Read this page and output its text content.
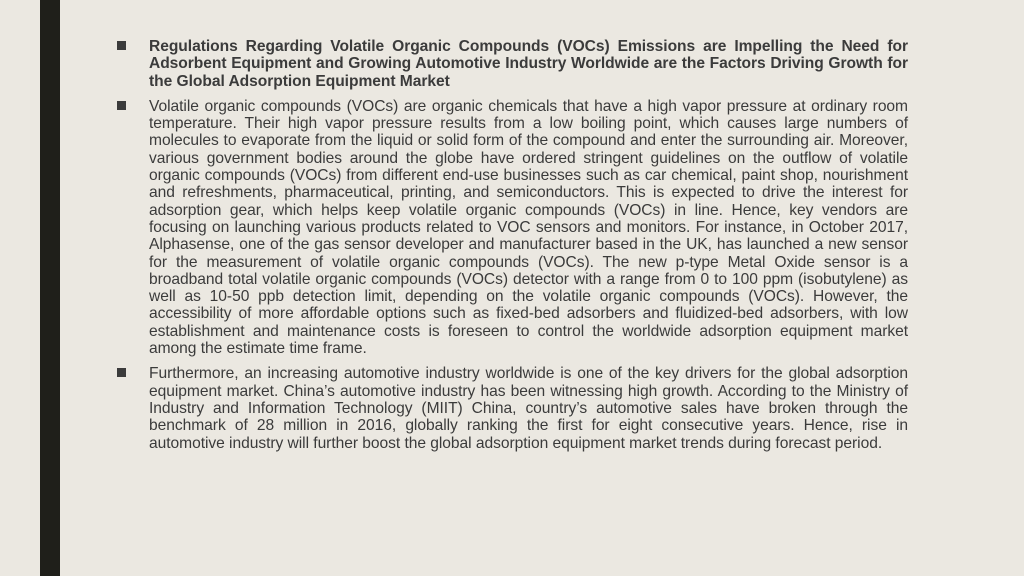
Regulations Regarding Volatile Organic Compounds (VOCs) Emissions are Impelling the Need for Adsorbent Equipment and Growing Automotive Industry Worldwide are the Factors Driving Growth for the Global Adsorption Equipment Market
Volatile organic compounds (VOCs) are organic chemicals that have a high vapor pressure at ordinary room temperature. Their high vapor pressure results from a low boiling point, which causes large numbers of molecules to evaporate from the liquid or solid form of the compound and enter the surrounding air. Moreover, various government bodies around the globe have ordered stringent guidelines on the outflow of volatile organic compounds (VOCs) from different end-use businesses such as car chemical, paint shop, nourishment and refreshments, pharmaceutical, printing, and semiconductors. This is expected to drive the interest for adsorption gear, which helps keep volatile organic compounds (VOCs) in line. Hence, key vendors are focusing on launching various products related to VOC sensors and monitors. For instance, in October 2017, Alphasense, one of the gas sensor developer and manufacturer based in the UK, has launched a new sensor for the measurement of volatile organic compounds (VOCs). The new p-type Metal Oxide sensor is a broadband total volatile organic compounds (VOCs) detector with a range from 0 to 100 ppm (isobutylene) as well as 10-50 ppb detection limit, depending on the volatile organic compounds (VOCs). However, the accessibility of more affordable options such as fixed-bed adsorbers and fluidized-bed adsorbers, with low establishment and maintenance costs is foreseen to control the worldwide adsorption equipment market among the estimate time frame.
Furthermore, an increasing automotive industry worldwide is one of the key drivers for the global adsorption equipment market. China’s automotive industry has been witnessing high growth. According to the Ministry of Industry and Information Technology (MIIT) China, country’s automotive sales have broken through the benchmark of 28 million in 2016, globally ranking the first for eight consecutive years. Hence, rise in automotive industry will further boost the global adsorption equipment market trends during forecast period.
